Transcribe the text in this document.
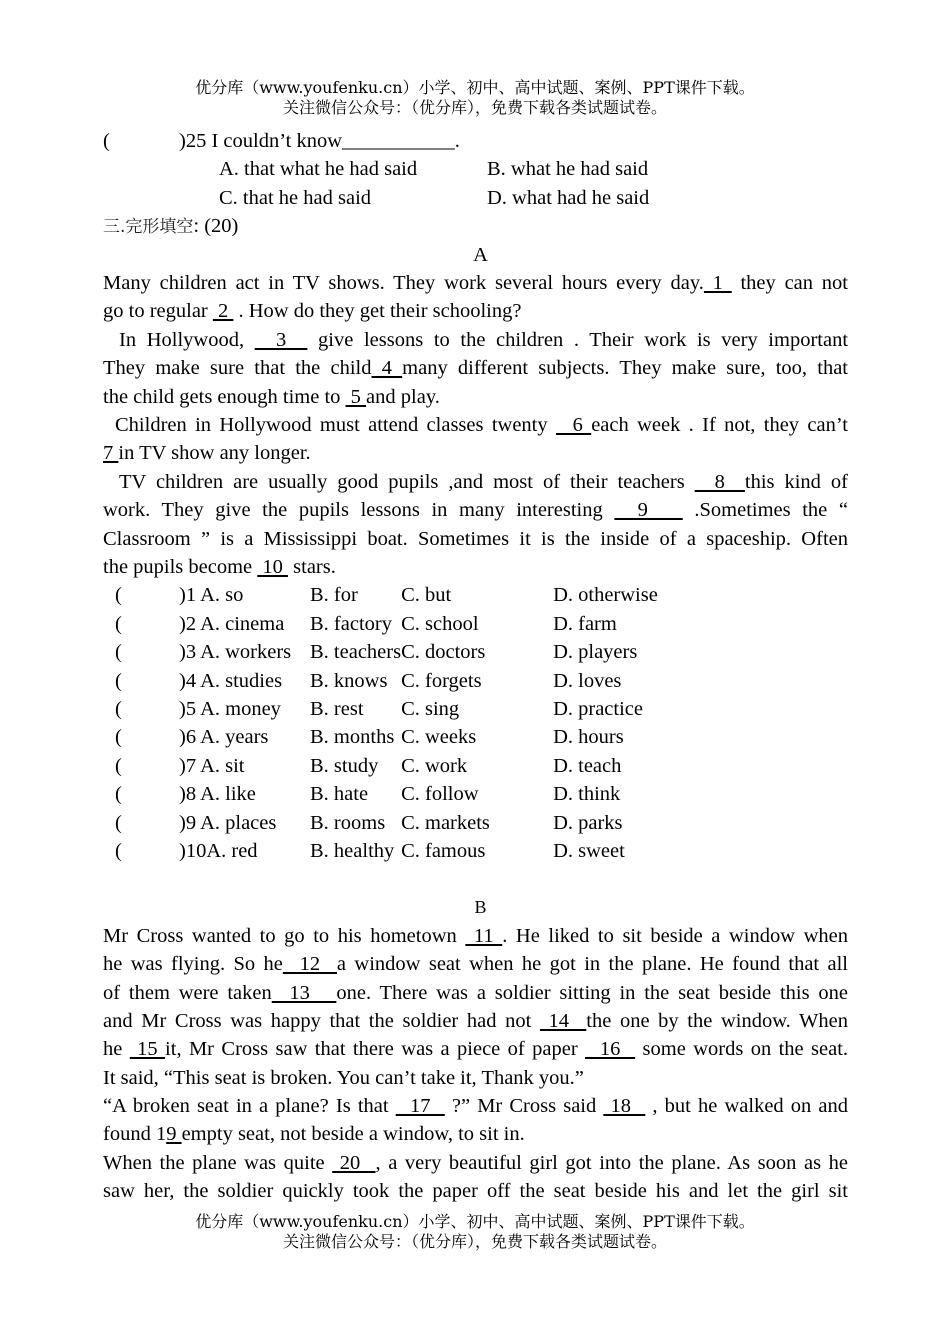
优分库（www.youfenku.cn）小学、初中、高中试题、案例、PPT课件下载。
关注微信公众号：（优分库），免费下载各类试题试卷。
(	)25 I couldn’t know___________.	
	A. that what he had said	B. what he had said
	C. that he had said	D. what had he said
三.完形填空: (20)
A
Many children act in TV shows. They work several hours every day. 1  they can not
go to regular  2  . How do they get their schooling?
In Hollywood,   3   give lessons to the children . Their work is very important
They make sure that the child 4 many different subjects. They make sure, too, that
the child gets enough time to  5 and play.
Children in Hollywood must attend classes twenty   6 each week . If not, they can’t
7 in TV show any longer.
TV children are usually good pupils ,and most of their teachers   8  this kind of
work. They give the pupils lessons in many interesting   9    .Sometimes the “
Classroom ” is a Mississippi boat. Sometimes it is the inside of a spaceship. Often
the pupils become  10  stars.
	(	)1 A. so	B. for	C. but	D. otherwise
	(	)2 A. cinema	B. factory	C. school	D. farm
	(	)3 A. workers	B. teachers	C. doctors	D. players
	(	)4 A. studies	B. knows	C. forgets	D. loves
	(	)5 A. money	B. rest	C. sing	D. practice
	(	)6 A. years	B. months	C. weeks	D. hours
	(	)7 A. sit	B. study	C. work	D. teach
	(	)8 A. like	B. hate	C. follow	D. think
	(	)9 A. places	B. rooms	C. markets	D. parks
	(	)10A. red	B. healthy	C. famous	D. sweet
B
Mr Cross wanted to go to his hometown  11 . He liked to sit beside a window when
he was flying. So he  12  a window seat when he got in the plane. He found that all
of them were taken  13   one. There was a soldier sitting in the seat beside this one
and Mr Cross was happy that the soldier had not  14  the one by the window. When
he  15 it, Mr Cross saw that there was a piece of paper   16   some words on the seat.
It said, “This seat is broken. You can’t take it, Thank you.”
“A broken seat in a plane? Is that   17   ?” Mr Cross said  18   , but he walked on and
found 19 empty seat, not beside a window, to sit in.
When the plane was quite  20  , a very beautiful girl got into the plane. As soon as he
saw her, the soldier quickly took the paper off the seat beside his and let the girl sit
优分库（www.youfenku.cn）小学、初中、高中试题、案例、PPT课件下载。
关注微信公众号：（优分库），免费下载各类试题试卷。
